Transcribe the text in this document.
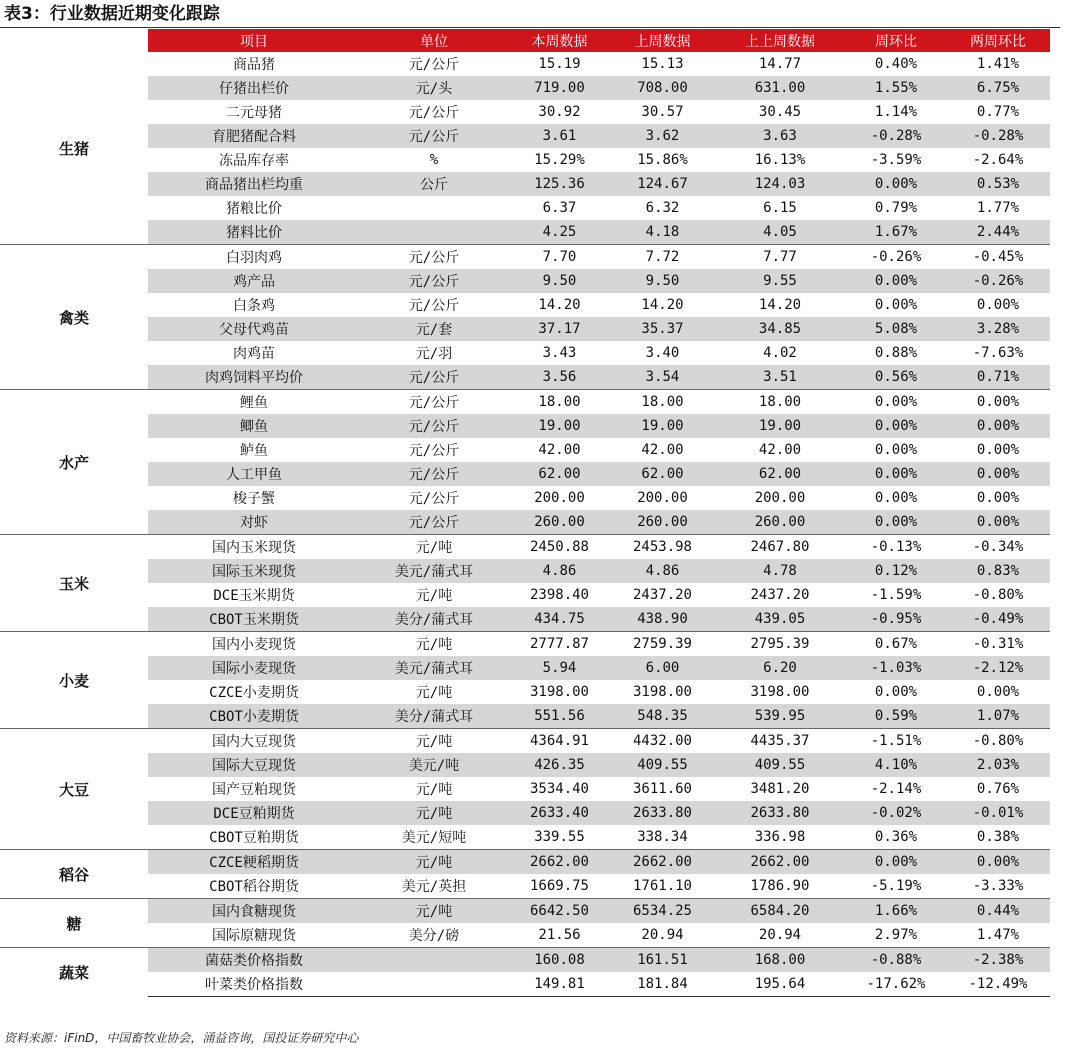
表3：行业数据近期变化跟踪
	项目	单位	本周数据	上周数据	上上周数据	周环比	两周环比
生猪	商品猪	元/公斤	15.19	15.13	14.77	0.40%	1.41%
	仔猪出栏价	元/头	719.00	708.00	631.00	1.55%	6.75%
	二元母猪	元/公斤	30.92	30.57	30.45	1.14%	0.77%
	育肥猪配合料	元/公斤	3.61	3.62	3.63	-0.28%	-0.28%
	冻品库存率	%	15.29%	15.86%	16.13%	-3.59%	-2.64%
	商品猪出栏均重	公斤	125.36	124.67	124.03	0.00%	0.53%
	猪粮比价		6.37	6.32	6.15	0.79%	1.77%
	猪料比价		4.25	4.18	4.05	1.67%	2.44%
禽类	白羽肉鸡	元/公斤	7.70	7.72	7.77	-0.26%	-0.45%
	鸡产品	元/公斤	9.50	9.50	9.55	0.00%	-0.26%
	白条鸡	元/公斤	14.20	14.20	14.20	0.00%	0.00%
	父母代鸡苗	元/套	37.17	35.37	34.85	5.08%	3.28%
	肉鸡苗	元/羽	3.43	3.40	4.02	0.88%	-7.63%
	肉鸡饲料平均价	元/公斤	3.56	3.54	3.51	0.56%	0.71%
水产	鲤鱼	元/公斤	18.00	18.00	18.00	0.00%	0.00%
	鲫鱼	元/公斤	19.00	19.00	19.00	0.00%	0.00%
	鲈鱼	元/公斤	42.00	42.00	42.00	0.00%	0.00%
	人工甲鱼	元/公斤	62.00	62.00	62.00	0.00%	0.00%
	梭子蟹	元/公斤	200.00	200.00	200.00	0.00%	0.00%
	对虾	元/公斤	260.00	260.00	260.00	0.00%	0.00%
玉米	国内玉米现货	元/吨	2450.88	2453.98	2467.80	-0.13%	-0.34%
	国际玉米现货	美元/蒲式耳	4.86	4.86	4.78	0.12%	0.83%
	DCE玉米期货	元/吨	2398.40	2437.20	2437.20	-1.59%	-0.80%
	CBOT玉米期货	美分/蒲式耳	434.75	438.90	439.05	-0.95%	-0.49%
小麦	国内小麦现货	元/吨	2777.87	2759.39	2795.39	0.67%	-0.31%
	国际小麦现货	美元/蒲式耳	5.94	6.00	6.20	-1.03%	-2.12%
	CZCE小麦期货	元/吨	3198.00	3198.00	3198.00	0.00%	0.00%
	CBOT小麦期货	美分/蒲式耳	551.56	548.35	539.95	0.59%	1.07%
大豆	国内大豆现货	元/吨	4364.91	4432.00	4435.37	-1.51%	-0.80%
	国际大豆现货	美元/吨	426.35	409.55	409.55	4.10%	2.03%
	国产豆粕现货	元/吨	3534.40	3611.60	3481.20	-2.14%	0.76%
	DCE豆粕期货	元/吨	2633.40	2633.80	2633.80	-0.02%	-0.01%
	CBOT豆粕期货	美元/短吨	339.55	338.34	336.98	0.36%	0.38%
稻谷	CZCE粳稻期货	元/吨	2662.00	2662.00	2662.00	0.00%	0.00%
	CBOT稻谷期货	美元/英担	1669.75	1761.10	1786.90	-5.19%	-3.33%
糖	国内食糖现货	元/吨	6642.50	6534.25	6584.20	1.66%	0.44%
	国际原糖现货	美分/磅	21.56	20.94	20.94	2.97%	1.47%
蔬菜	菌菇类价格指数		160.08	161.51	168.00	-0.88%	-2.38%
	叶菜类价格指数		149.81	181.84	195.64	-17.62%	-12.49%
资料来源：iFinD，中国畜牧业协会，涌益咨询，国投证券研究中心
